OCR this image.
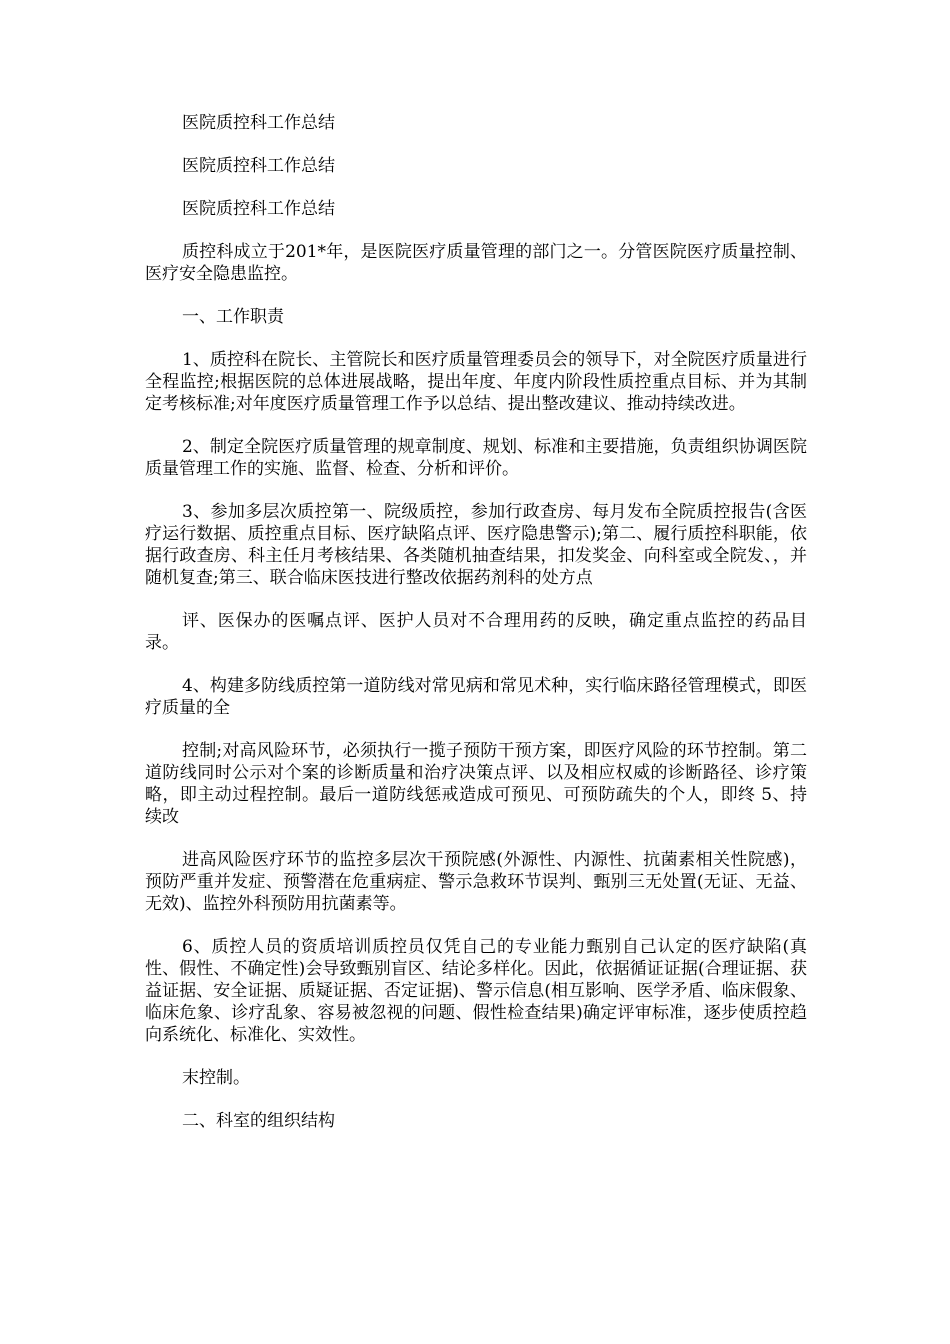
医院质控科工作总结

医院质控科工作总结

医院质控科工作总结

质控科成立于201*年，是医院医疗质量管理的部门之一。分管医院医疗质量控制、医疗安全隐患监控。

一、工作职责

1、质控科在院长、主管院长和医疗质量管理委员会的领导下，对全院医疗质量进行全程监控;根据医院的总体进展战略，提出年度、年度内阶段性质控重点目标、并为其制定考核标准;对年度医疗质量管理工作予以总结、提出整改建议、推动持续改进。

2、制定全院医疗质量管理的规章制度、规划、标准和主要措施，负责组织协调医院质量管理工作的实施、监督、检查、分析和评价。

3、参加多层次质控第一、院级质控，参加行政查房、每月发布全院质控报告(含医疗运行数据、质控重点目标、医疗缺陷点评、医疗隐患警示);第二、履行质控科职能，依据行政查房、科主任月考核结果、各类随机抽查结果，扣发奖金、向科室或全院发、，并随机复查;第三、联合临床医技进行整改依据药剂科的处方点

评、医保办的医嘱点评、医护人员对不合理用药的反映，确定重点监控的药品目录。

4、构建多防线质控第一道防线对常见病和常见术种，实行临床路径管理模式，即医疗质量的全

控制;对高风险环节，必须执行一揽子预防干预方案，即医疗风险的环节控制。第二道防线同时公示对个案的诊断质量和治疗决策点评、以及相应权威的诊断路径、诊疗策略，即主动过程控制。最后一道防线惩戒造成可预见、可预防疏失的个人，即终 5、持续改

进高风险医疗环节的监控多层次干预院感(外源性、内源性、抗菌素相关性院感)，预防严重并发症、预警潜在危重病症、警示急救环节误判、甄别三无处置(无证、无益、无效)、监控外科预防用抗菌素等。

6、质控人员的资质培训质控员仅凭自己的专业能力甄别自己认定的医疗缺陷(真性、假性、不确定性)会导致甄别盲区、结论多样化。因此，依据循证证据(合理证据、获益证据、安全证据、质疑证据、否定证据)、警示信息(相互影响、医学矛盾、临床假象、临床危象、诊疗乱象、容易被忽视的问题、假性检查结果)确定评审标准，逐步使质控趋向系统化、标准化、实效性。

末控制。

二、科室的组织结构
